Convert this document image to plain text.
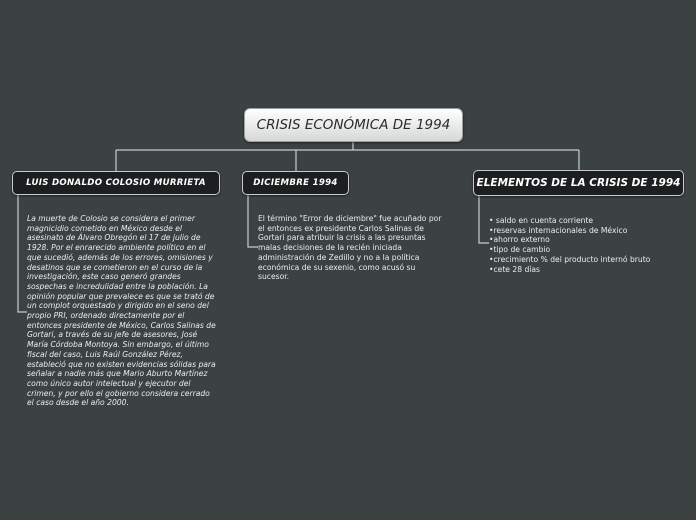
CRISIS ECONÓMICA DE 1994
LUIS DONALDO COLOSIO MURRIETA	DICIEMBRE 1994	ELEMENTOS DE LA CRISIS DE 1994
La muerte de Colosio se considera el primer
magnicidio cometido en México desde el
asesinato de Álvaro Obregón el 17 de julio de
1928. Por el enrarecido ambiente político en el
que sucedió, además de los errores, omisiones y
desatinos que se cometieron en el curso de la
investigación, este caso generó grandes
sospechas e incredulidad entre la población. La
opinión popular que prevalece es que se trató de
un complot orquestado y dirigido en el seno del
propio PRI, ordenado directamente por el
entonces presidente de México, Carlos Salinas de
Gortari, a través de su jefe de asesores, José
María Córdoba Montoya. Sin embargo, el último
fiscal del caso, Luis Raúl González Pérez,
estableció que no existen evidencias sólidas para
señalar a nadie más que Mario Aburto Martínez
como único autor intelectual y ejecutor del
crimen, y por ello el gobierno considera cerrado
el caso desde el año 2000.
El término "Error de diciembre" fue acuñado por
el entonces ex presidente Carlos Salinas de
Gortari para atribuir la crisis a las presuntas
malas decisiones de la recién iniciada
administración de Zedillo y no a la política
económica de su sexenio, como acusó su
sucesor.
• saldo en cuenta corriente
•reservas internacionales de México
•ahorro externo
•tipo de cambio
•crecimiento % del producto internó bruto
•cete 28 días
